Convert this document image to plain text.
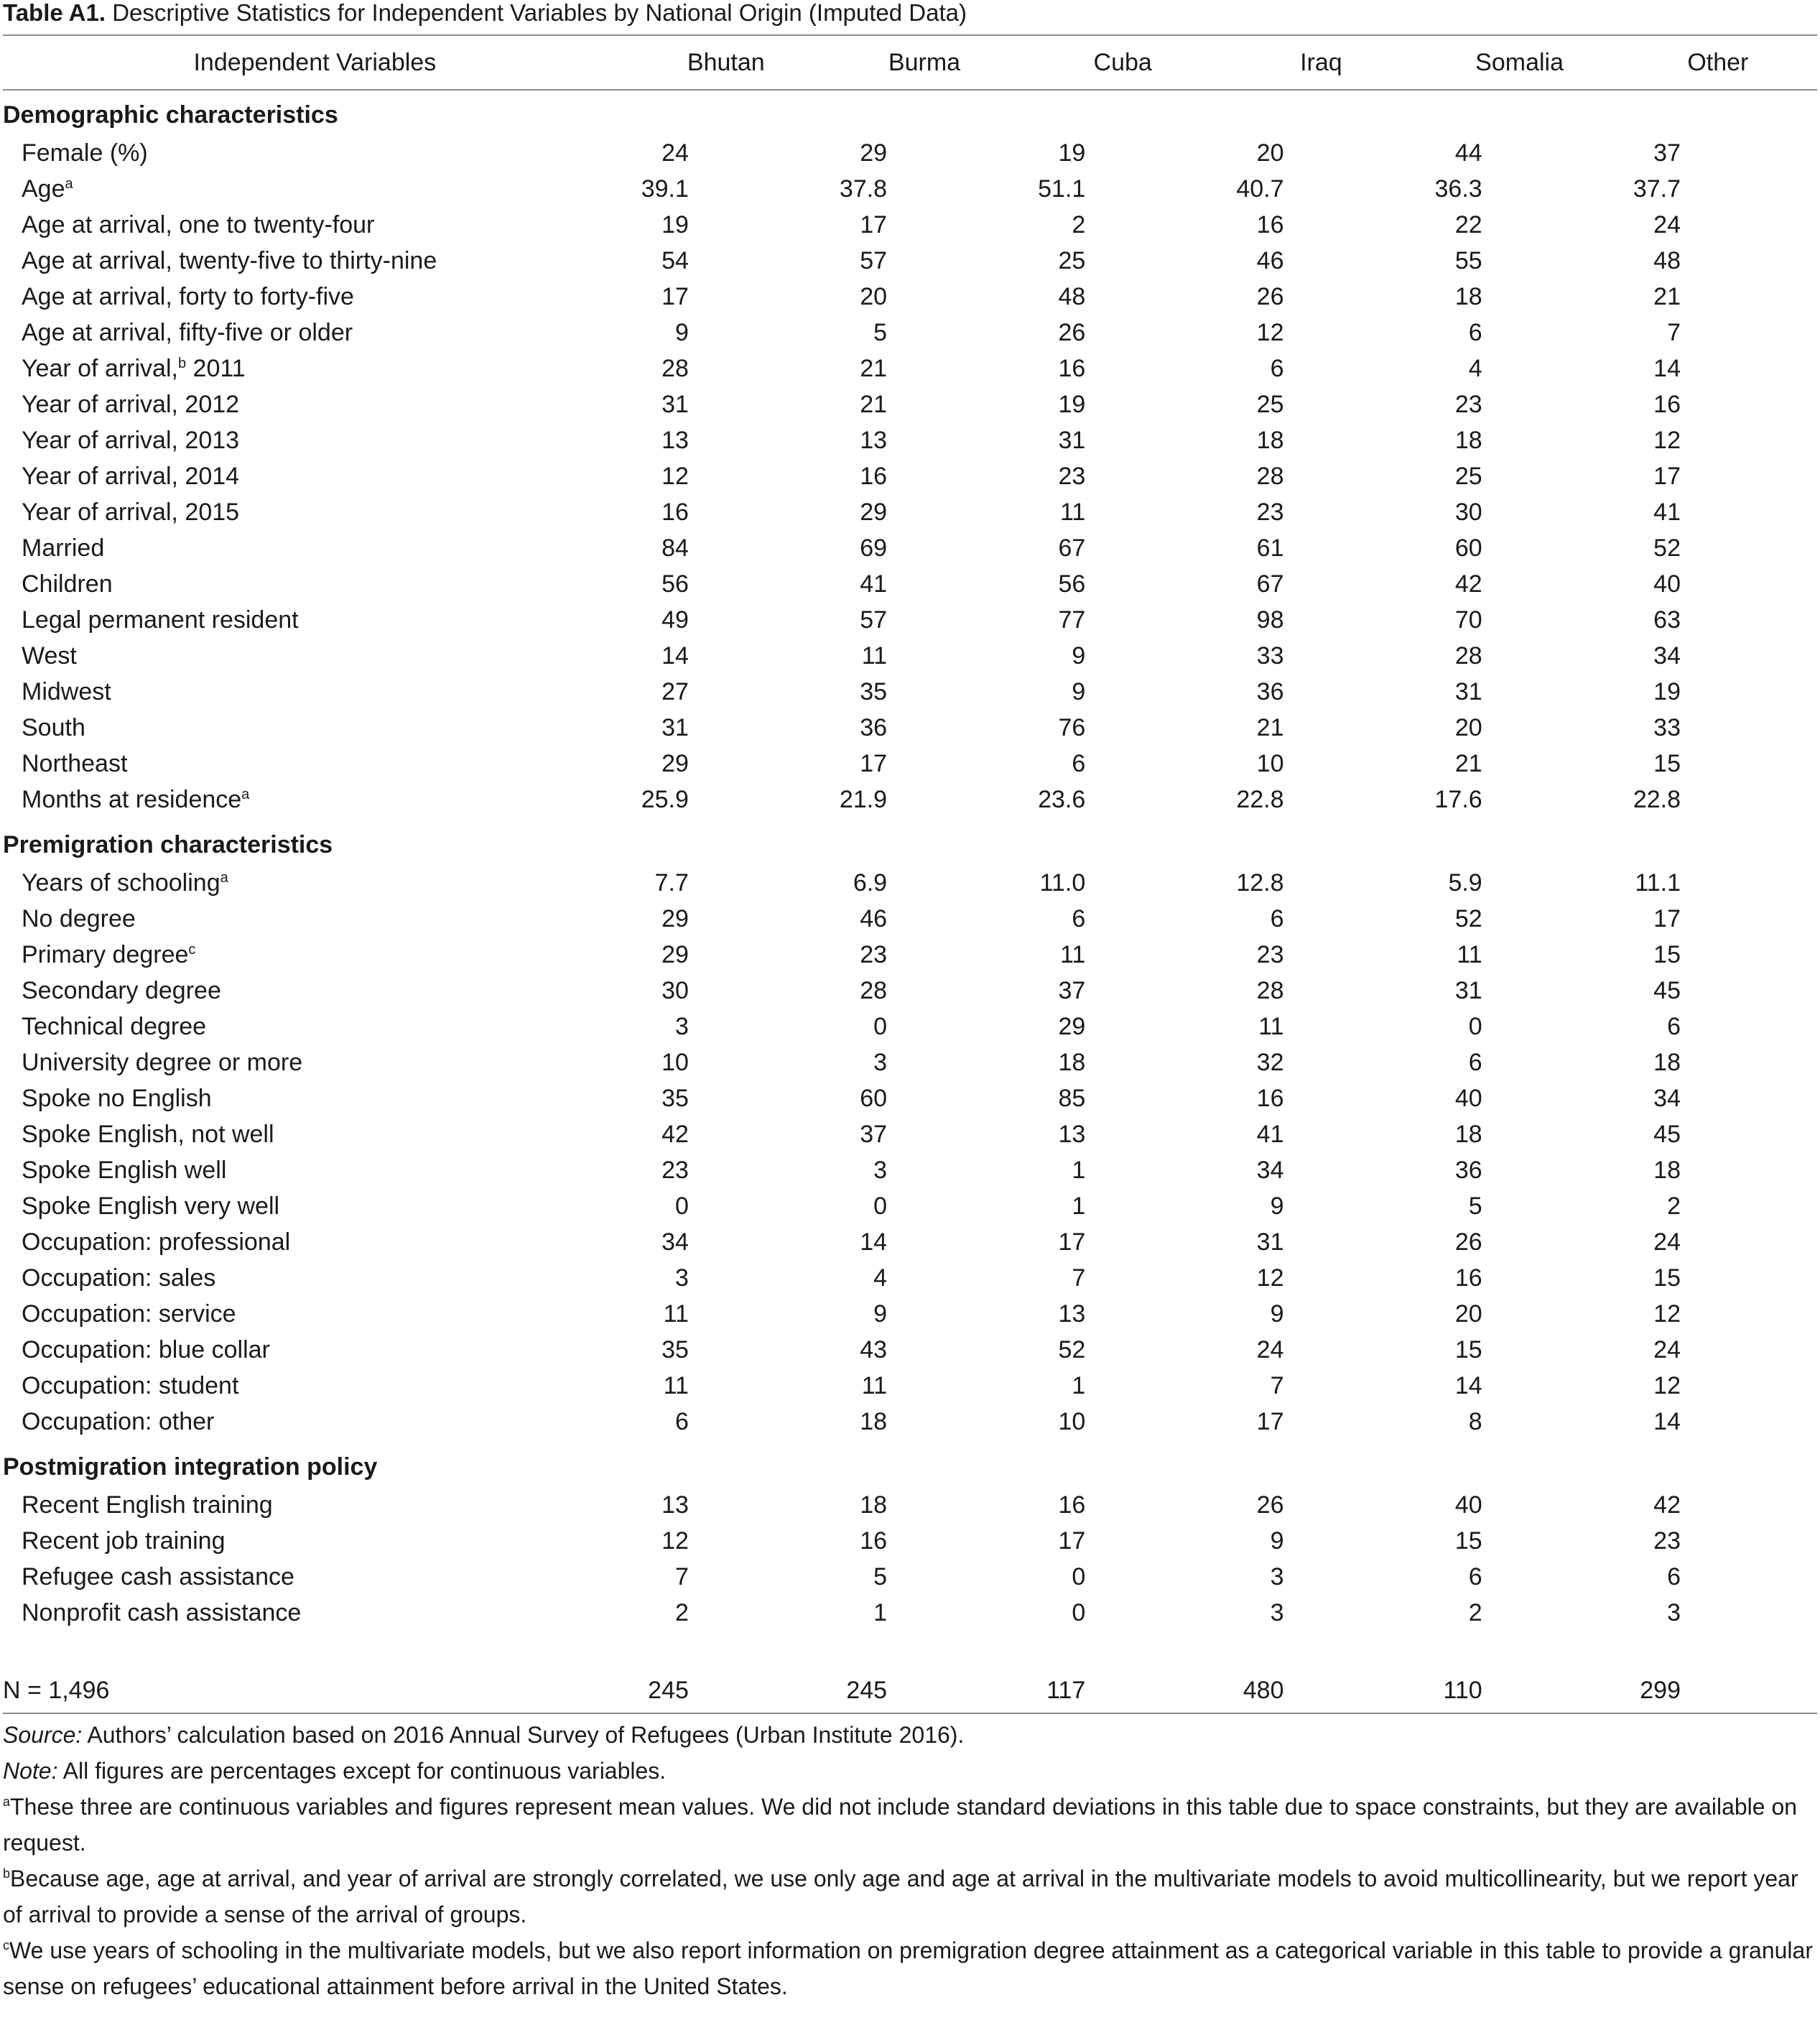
Table A1. Descriptive Statistics for Independent Variables by National Origin (Imputed Data)
Independent Variables	Bhutan	Burma	Cuba	Iraq	Somalia	Other
Demographic characteristics						
Female (%)	24	29	19	20	44	37
Age$^a$	39.1	37.8	51.1	40.7	36.3	37.7
Age at arrival, one to twenty-four	19	17	2	16	22	24
Age at arrival, twenty-five to thirty-nine	54	57	25	46	55	48
Age at arrival, forty to forty-five	17	20	48	26	18	21
Age at arrival, fifty-five or older	9	5	26	12	6	7
Year of arrival,$^b$ 2011	28	21	16	6	4	14
Year of arrival, 2012	31	21	19	25	23	16
Year of arrival, 2013	13	13	31	18	18	12
Year of arrival, 2014	12	16	23	28	25	17
Year of arrival, 2015	16	29	11	23	30	41
Married	84	69	67	61	60	52
Children	56	41	56	67	42	40
Legal permanent resident	49	57	77	98	70	63
West	14	11	9	33	28	34
Midwest	27	35	9	36	31	19
South	31	36	76	21	20	33
Northeast	29	17	6	10	21	15
Months at residence$^a$	25.9	21.9	23.6	22.8	17.6	22.8
Premigration characteristics						
Years of schooling$^a$	7.7	6.9	11.0	12.8	5.9	11.1
No degree	29	46	6	6	52	17
Primary degree$^c$	29	23	11	23	11	15
Secondary degree	30	28	37	28	31	45
Technical degree	3	0	29	11	0	6
University degree or more	10	3	18	32	6	18
Spoke no English	35	60	85	16	40	34
Spoke English, not well	42	37	13	41	18	45
Spoke English well	23	3	1	34	36	18
Spoke English very well	0	0	1	9	5	2
Occupation: professional	34	14	17	31	26	24
Occupation: sales	3	4	7	12	16	15
Occupation: service	11	9	13	9	20	12
Occupation: blue collar	35	43	52	24	15	24
Occupation: student	11	11	1	7	14	12
Occupation: other	6	18	10	17	8	14
Postmigration integration policy						
Recent English training	13	18	16	26	40	42
Recent job training	12	16	17	9	15	23
Refugee cash assistance	7	5	0	3	6	6
Nonprofit cash assistance	2	1	0	3	2	3

N = 1,496	245	245	117	480	110	299

Source: Authors’ calculation based on 2016 Annual Survey of Refugees (Urban Institute 2016).

Note: All figures are percentages except for continuous variables.

$^a$These three are continuous variables and figures represent mean values. We did not include standard deviations in this table due to space constraints, but they are available on request.

$^b$Because age, age at arrival, and year of arrival are strongly correlated, we use only age and age at arrival in the multivariate models to avoid multicollinearity, but we report year of arrival to provide a sense of the arrival of groups.

$^c$We use years of schooling in the multivariate models, but we also report information on premigration degree attainment as a categorical variable in this table to provide a granular sense on refugees’ educational attainment before arrival in the United States.
